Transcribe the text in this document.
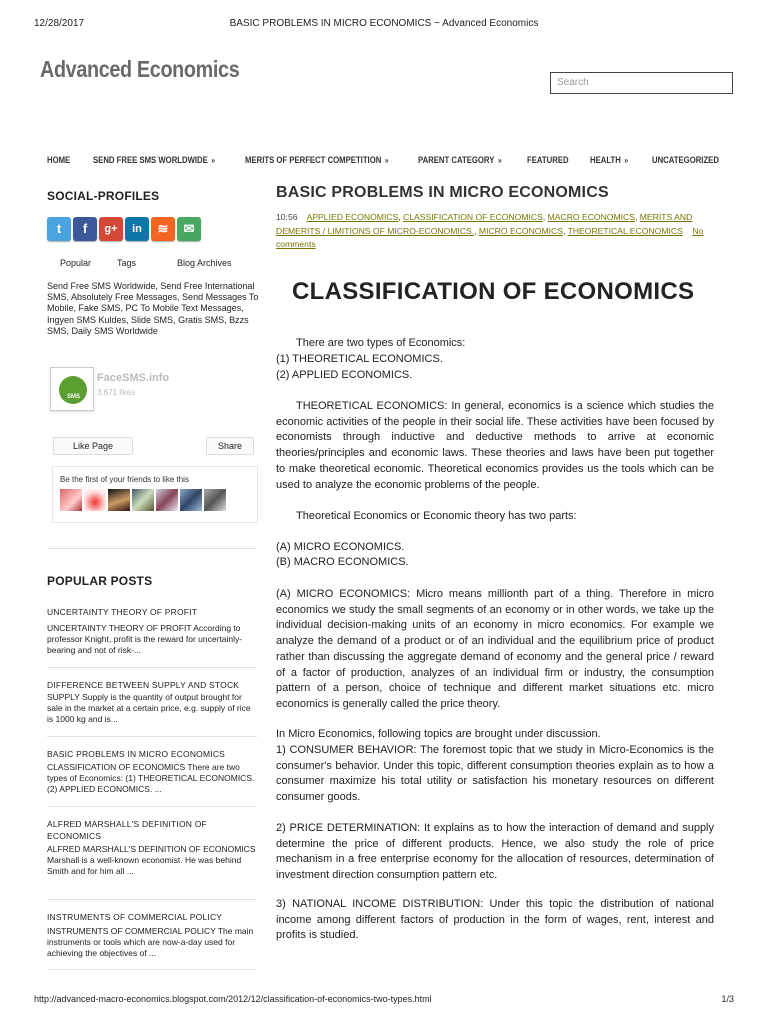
12/28/2017	BASIC PROBLEMS IN MICRO ECONOMICS ~ Advanced Economics
Advanced Economics
Search
HOME	SEND FREE SMS WORLDWIDE »	MERITS OF PERFECT COMPETITION »	PARENT CATEGORY »	FEATURED HEALTH »	UNCATEGORIZED
SOCIAL-PROFILES
t	f	g+	in	≋	✉
Popular	Tags	Blog Archives
Send Free SMS Worldwide, Send Free International SMS, Absolutely Free Messages, Send Messages To Mobile, Fake SMS, PC To Mobile Text Messages, Ingyen SMS Kuldes, Slide SMS, Gratis SMS, Bzzs SMS, Daily SMS Worldwide
SMS
FaceSMS.info
3,671 likes
Like Page	Share
Be the first of your friends to like this
POPULAR POSTS
UNCERTAINTY THEORY OF PROFIT
UNCERTAINTY THEORY OF PROFIT According to professor Knight, profit is the reward for uncertainly-bearing and not of risk-...
DIFFERENCE BETWEEN SUPPLY AND STOCK
SUPPLY Supply is the quantity of output brought for sale in the market at a certain price, e.g. supply of rice is 1000 kg and is...
BASIC PROBLEMS IN MICRO ECONOMICS
CLASSIFICATION OF ECONOMICS There are two types of Economics: (1) THEORETICAL ECONOMICS. (2) APPLIED ECONOMICS. ...
ALFRED MARSHALL'S DEFINITION OF ECONOMICS
ALFRED MARSHALL'S DEFINITION OF ECONOMICS Marshall is a well-known economist. He was behind Smith and for him all ...
INSTRUMENTS OF COMMERCIAL POLICY
INSTRUMENTS OF COMMERCIAL POLICY The main instruments or tools which are now-a-day used for achieving the objectives of ...
BASIC PROBLEMS IN MICRO ECONOMICS
10:56 APPLIED ECONOMICS, CLASSIFICATION OF ECONOMICS, MACRO ECONOMICS, MERITS AND DEMERITS / LIMITIONS OF MICRO-ECONOMICS., MICRO ECONOMICS, THEORETICAL ECONOMICS No comments
CLASSIFICATION OF ECONOMICS
There are two types of Economics:
(1) THEORETICAL ECONOMICS.
(2) APPLIED ECONOMICS.
THEORETICAL ECONOMICS: In general, economics is a science which studies the economic activities of the people in their social life. These activities have been focused by economists through inductive and deductive methods to arrive at economic theories/principles and economic laws. These theories and laws have been put together to make theoretical economic. Theoretical economics provides us the tools which can be used to analyze the economic problems of the people.
Theoretical Economics or Economic theory has two parts:
(A) MICRO ECONOMICS.
(B) MACRO ECONOMICS.
(A) MICRO ECONOMICS: Micro means millionth part of a thing. Therefore in micro economics we study the small segments of an economy or in other words, we take up the individual decision-making units of an economy in micro economics. For example we analyze the demand of a product or of an individual and the equilibrium price of product rather than discussing the aggregate demand of economy and the general price / reward of a factor of production, analyzes of an individual firm or industry, the consumption pattern of a person, choice of technique and different market situations etc. micro economics is generally called the price theory.
In Micro Economics, following topics are brought under discussion.
1) CONSUMER BEHAVIOR: The foremost topic that we study in Micro-Economics is the consumer's behavior. Under this topic, different consumption theories explain as to how a consumer maximize his total utility or satisfaction his monetary resources on different consumer goods.
2) PRICE DETERMINATION: It explains as to how the interaction of demand and supply determine the price of different products. Hence, we also study the role of price mechanism in a free enterprise economy for the allocation of resources, determination of investment direction consumption pattern etc.
3) NATIONAL INCOME DISTRIBUTION: Under this topic the distribution of national income among different factors of production in the form of wages, rent, interest and profits is studied.
http://advanced-macro-economics.blogspot.com/2012/12/classification-of-economics-two-types.html	1/3
